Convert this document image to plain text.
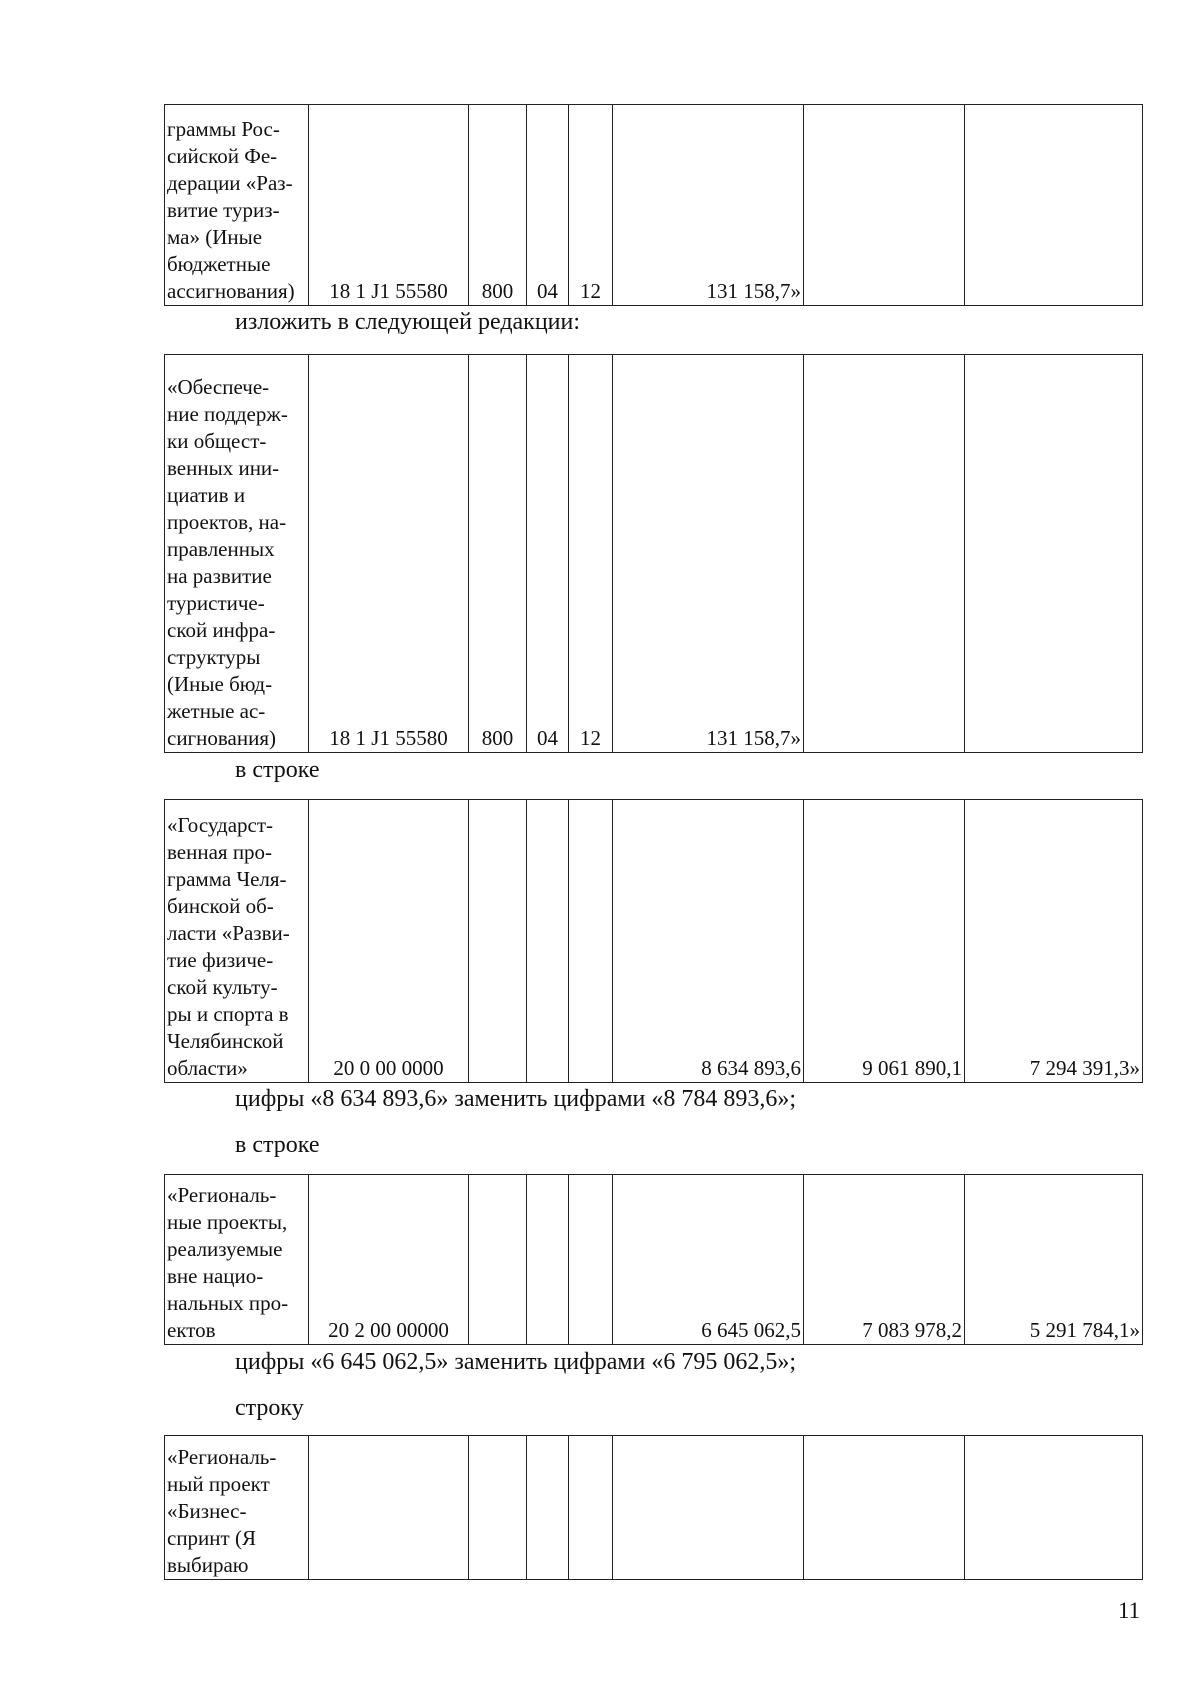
граммы Рос-
сийской Фе-
дерации «Раз-
витие туриз-
ма» (Иные
бюджетные
ассигнования)	18 1 J1 55580	800	04	12	131 158,7»		
изложить в следующей редакции:
«Обеспече-
ние поддерж-
ки общест-
венных ини-
циатив и
проектов, на-
правленных
на развитие
туристиче-
ской инфра-
структуры
(Иные бюд-
жетные ас-
сигнования)	18 1 J1 55580	800	04	12	131 158,7»		
в строке
«Государст-
венная про-
грамма Челя-
бинской об-
ласти «Разви-
тие физиче-
ской культу-
ры и спорта в
Челябинской
области»	20 0 00 0000				8 634 893,6	9 061 890,1	7 294 391,3»
цифры «8 634 893,6» заменить цифрами «8 784 893,6»;
в строке
«Региональ-
ные проекты,
реализуемые
вне нацио-
нальных про-
ектов	20 2 00 00000				6 645 062,5	7 083 978,2	5 291 784,1»
цифры «6 645 062,5» заменить цифрами «6 795 062,5»;
строку
«Региональ-
ный проект
«Бизнес-
спринт (Я
выбираю

11
